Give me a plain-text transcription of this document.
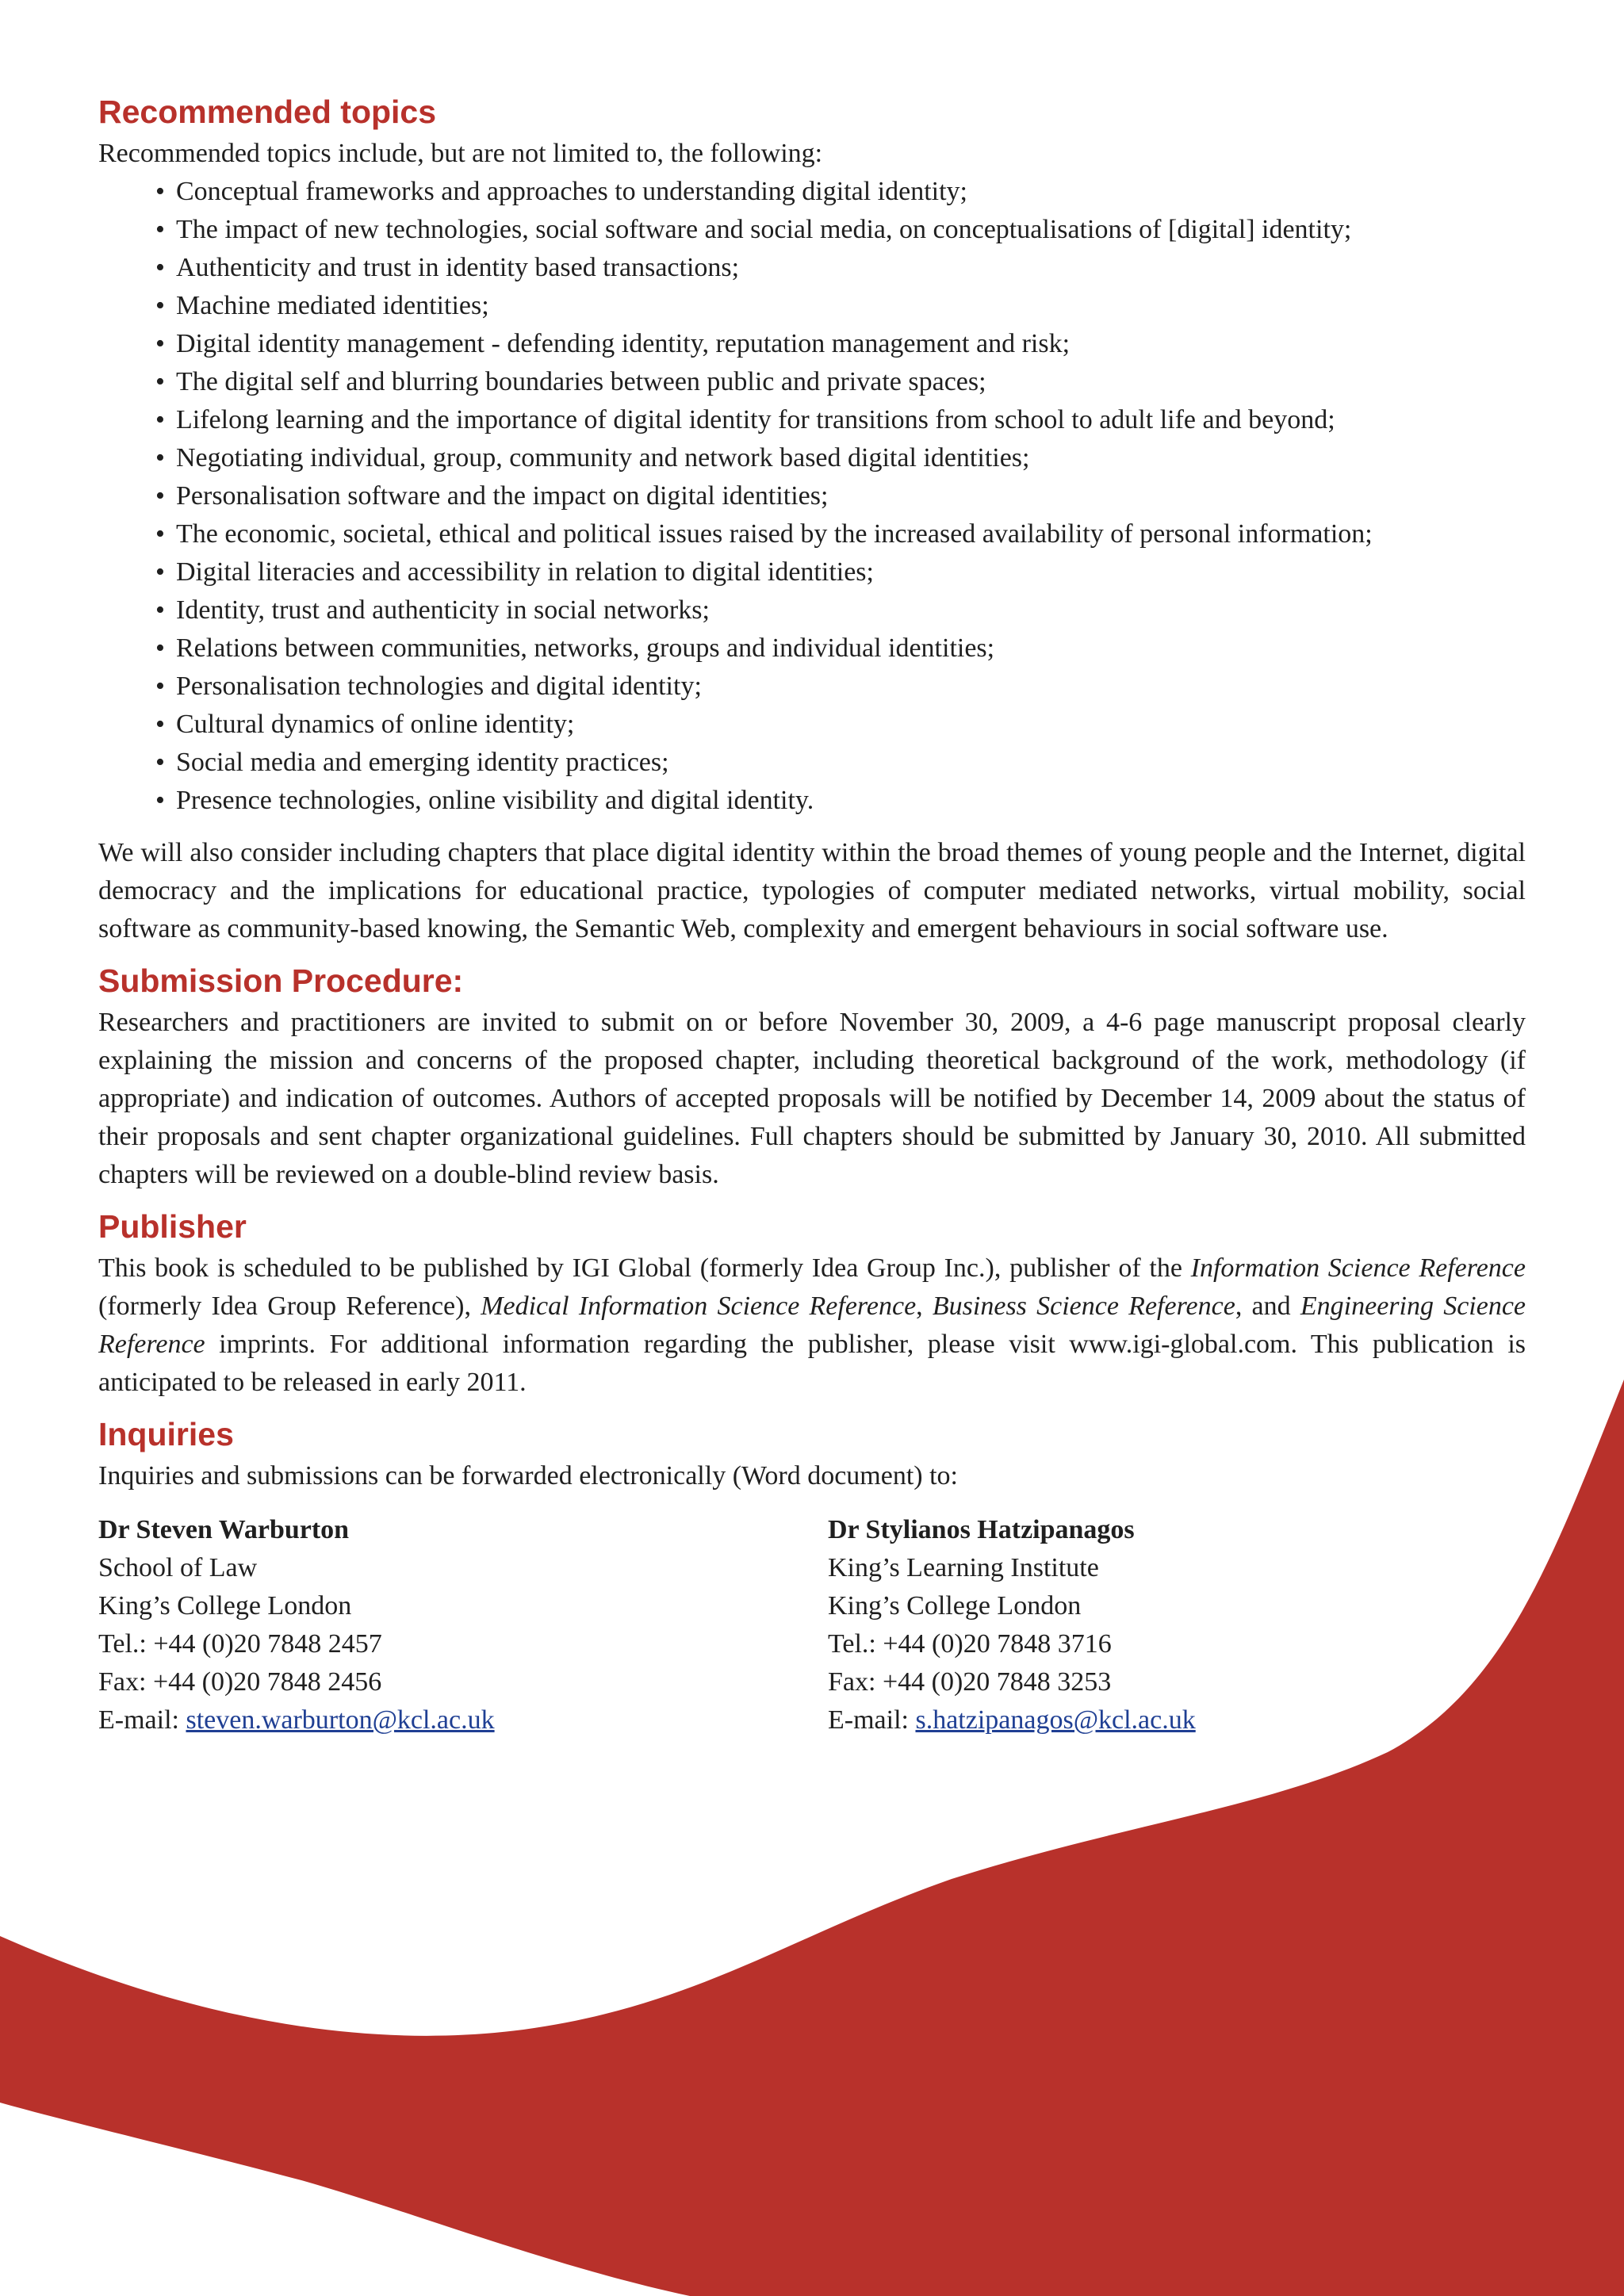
Recommended topics

Recommended topics include, but are not limited to, the following:

• Conceptual frameworks and approaches to understanding digital identity;
• The impact of new technologies, social software and social media, on conceptualisations of [digital] identity;
• Authenticity and trust in identity based transactions;
• Machine mediated identities;
• Digital identity management - defending identity, reputation management and risk;
• The digital self and blurring boundaries between public and private spaces;
• Lifelong learning and the importance of digital identity for transitions from school to adult life and beyond;
• Negotiating individual, group, community and network based digital identities;
• Personalisation software and the impact on digital identities;
• The economic, societal, ethical and political issues raised by the increased availability of personal information;
• Digital literacies and accessibility in relation to digital identities;
• Identity, trust and authenticity in social networks;
• Relations between communities, networks, groups and individual identities;
• Personalisation technologies and digital identity;
• Cultural dynamics of online identity;
• Social media and emerging identity practices;
• Presence technologies, online visibility and digital identity.

We will also consider including chapters that place digital identity within the broad themes of young people and the Internet, digital democracy and the implications for educational practice, typologies of computer mediated networks, virtual mobility, social software as community-based knowing, the Semantic Web, complexity and emergent behaviours in social software use.

Submission Procedure:

Researchers and practitioners are invited to submit on or before November 30, 2009, a 4-6 page manuscript proposal clearly explaining the mission and concerns of the proposed chapter, including theoretical background of the work, methodology (if appropriate) and indication of outcomes. Authors of accepted proposals will be notified by December 14, 2009 about the status of their proposals and sent chapter organizational guidelines. Full chapters should be submitted by January 30, 2010. All submitted chapters will be reviewed on a double-blind review basis.

Publisher

This book is scheduled to be published by IGI Global (formerly Idea Group Inc.), publisher of the Information Science Reference (formerly Idea Group Reference), Medical Information Science Reference, Business Science Reference, and Engineering Science Reference imprints. For additional information regarding the publisher, please visit www.igi-global.com. This publication is anticipated to be released in early 2011.

Inquiries

Inquiries and submissions can be forwarded electronically (Word document) to:

Dr Steven Warburton
School of Law
King’s College London
Tel.: +44 (0)20 7848 2457
Fax: +44 (0)20 7848 2456
E-mail: steven.warburton@kcl.ac.uk
Dr Stylianos Hatzipanagos
King’s Learning Institute
King’s College London
Tel.: +44 (0)20 7848 3716
Fax: +44 (0)20 7848 3253
E-mail: s.hatzipanagos@kcl.ac.uk
